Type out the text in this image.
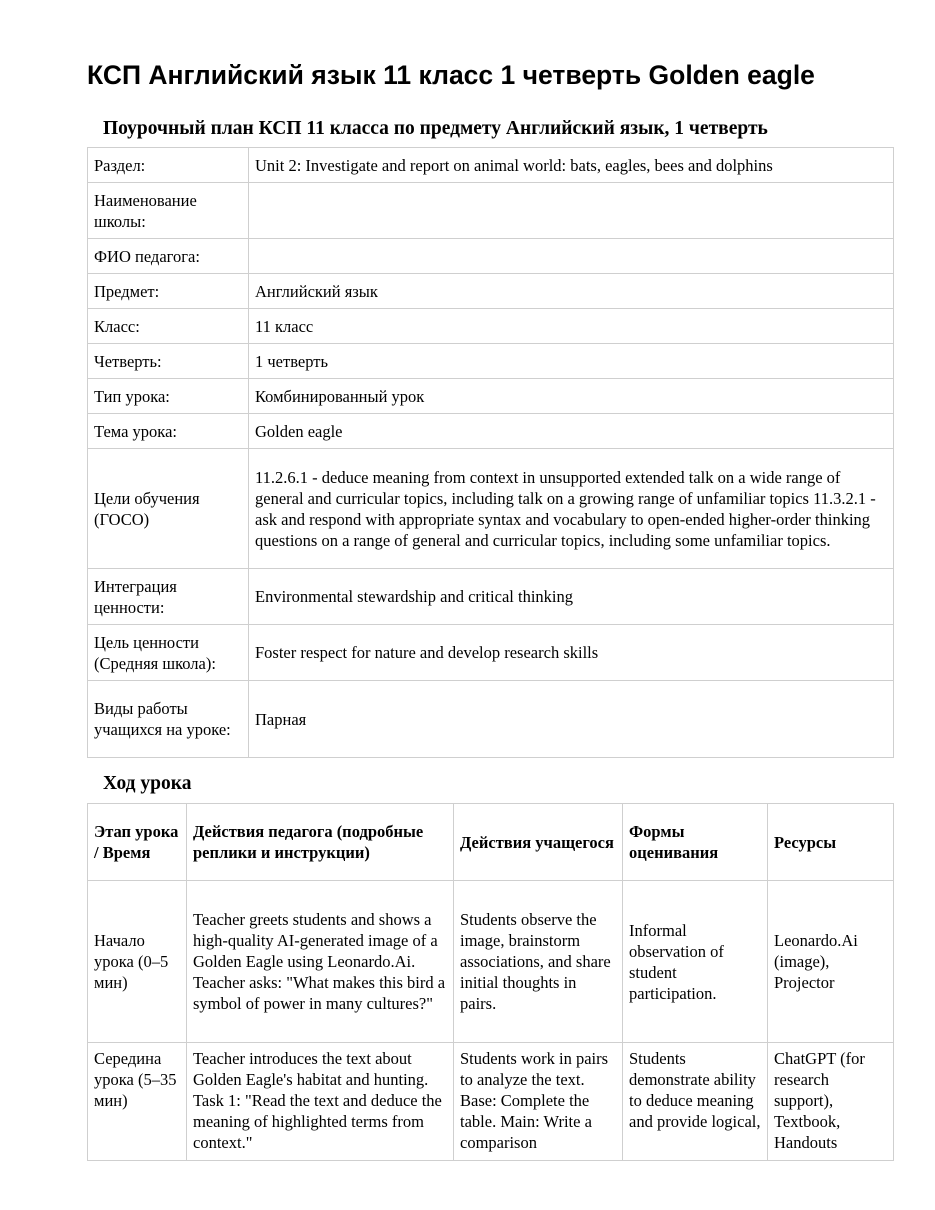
КСП Английский язык 11 класс 1 четверть Golden eagle
Поурочный план КСП 11 класса по предмету Английский язык, 1 четверть
Раздел:	Unit 2: Investigate and report on animal world: bats, eagles, bees and dolphins
Наименование школы:	
ФИО педагога:	
Предмет:	Английский язык
Класс:	11 класс
Четверть:	1 четверть
Тип урока:	Комбинированный урок
Тема урока:	Golden eagle
Цели обучения (ГОСО)	11.2.6.1 - deduce meaning from context in unsupported extended talk on a wide range of general and curricular topics, including talk on a growing range of unfamiliar topics 11.3.2.1 - ask and respond with appropriate syntax and vocabulary to open-ended higher-order thinking questions on a range of general and curricular topics, including some unfamiliar topics.
Интеграция ценности:	Environmental stewardship and critical thinking
Цель ценности (Средняя школа):	Foster respect for nature and develop research skills
Виды работы учащихся на уроке:	Парная
Ход урока
Этап урока / Время	Действия педагога (подробные реплики и инструкции)	Действия учащегося	Формы оценивания	Ресурсы
Начало урока (0–5 мин)	Teacher greets students and shows a high-quality AI-generated image of a Golden Eagle using Leonardo.Ai. Teacher asks: "What makes this bird a symbol of power in many cultures?"	Students observe the image, brainstorm associations, and share initial thoughts in pairs.	Informal observation of student participation.	Leonardo.Ai (image), Projector
Середина урока (5–35 мин)	Teacher introduces the text about Golden Eagle's habitat and hunting. Task 1: "Read the text and deduce the meaning of highlighted terms from context."	Students work in pairs to analyze the text. Base: Complete the table. Main: Write a comparison	Students demonstrate ability to deduce meaning and provide logical,	ChatGPT (for research support), Textbook, Handouts
